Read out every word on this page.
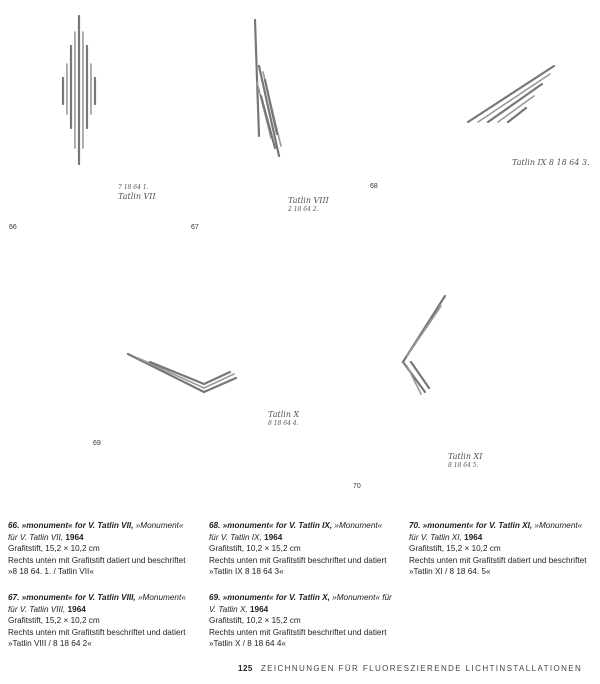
7 18 64 1.
Tatlin VII
66
Tatlin VIII
2 18 64 2.
67
Tatlin IX 8 18 64 3.
68
Tatlin X
8 18 64 4.
69
Tatlin XI
8 18 64 5.
70

66. »monument« for V. Tatlin VII, »Monument« für V. Tatlin VII, 1964

Grafitstift, 15,2 × 10,2 cm

Rechts unten mit Grafitstift datiert und beschriftet »8 18 64. 1. / Tatlin VII«

67. »monument« for V. Tatlin VIII, »Monument« für V. Tatlin VIII, 1964

Grafitstift, 15,2 × 10,2 cm

Rechts unten mit Grafitstift beschriftet und datiert »Tatlin VIII / 8 18 64 2«

68. »monument« for V. Tatlin IX, »Monument« für V. Tatlin IX, 1964

Grafitstift, 10,2 × 15,2 cm

Rechts unten mit Grafitstift beschriftet und datiert »Tatlin IX 8 18 64 3«

69. »monument« for V. Tatlin X, »Monument« für V. Tatlin X, 1964

Grafitstift, 10,2 × 15,2 cm

Rechts unten mit Grafitstift beschriftet und datiert »Tatlin X / 8 18 64 4«

70. »monument« for V. Tatlin XI, »Monument« für V. Tatlin XI, 1964

Grafitstift, 15,2 × 10,2 cm

Rechts unten mit Grafitstift datiert und beschriftet »Tatlin XI / 8 18 64. 5«

125 ZEICHNUNGEN FÜR FLUORESZIERENDE LICHTINSTALLATIONEN
